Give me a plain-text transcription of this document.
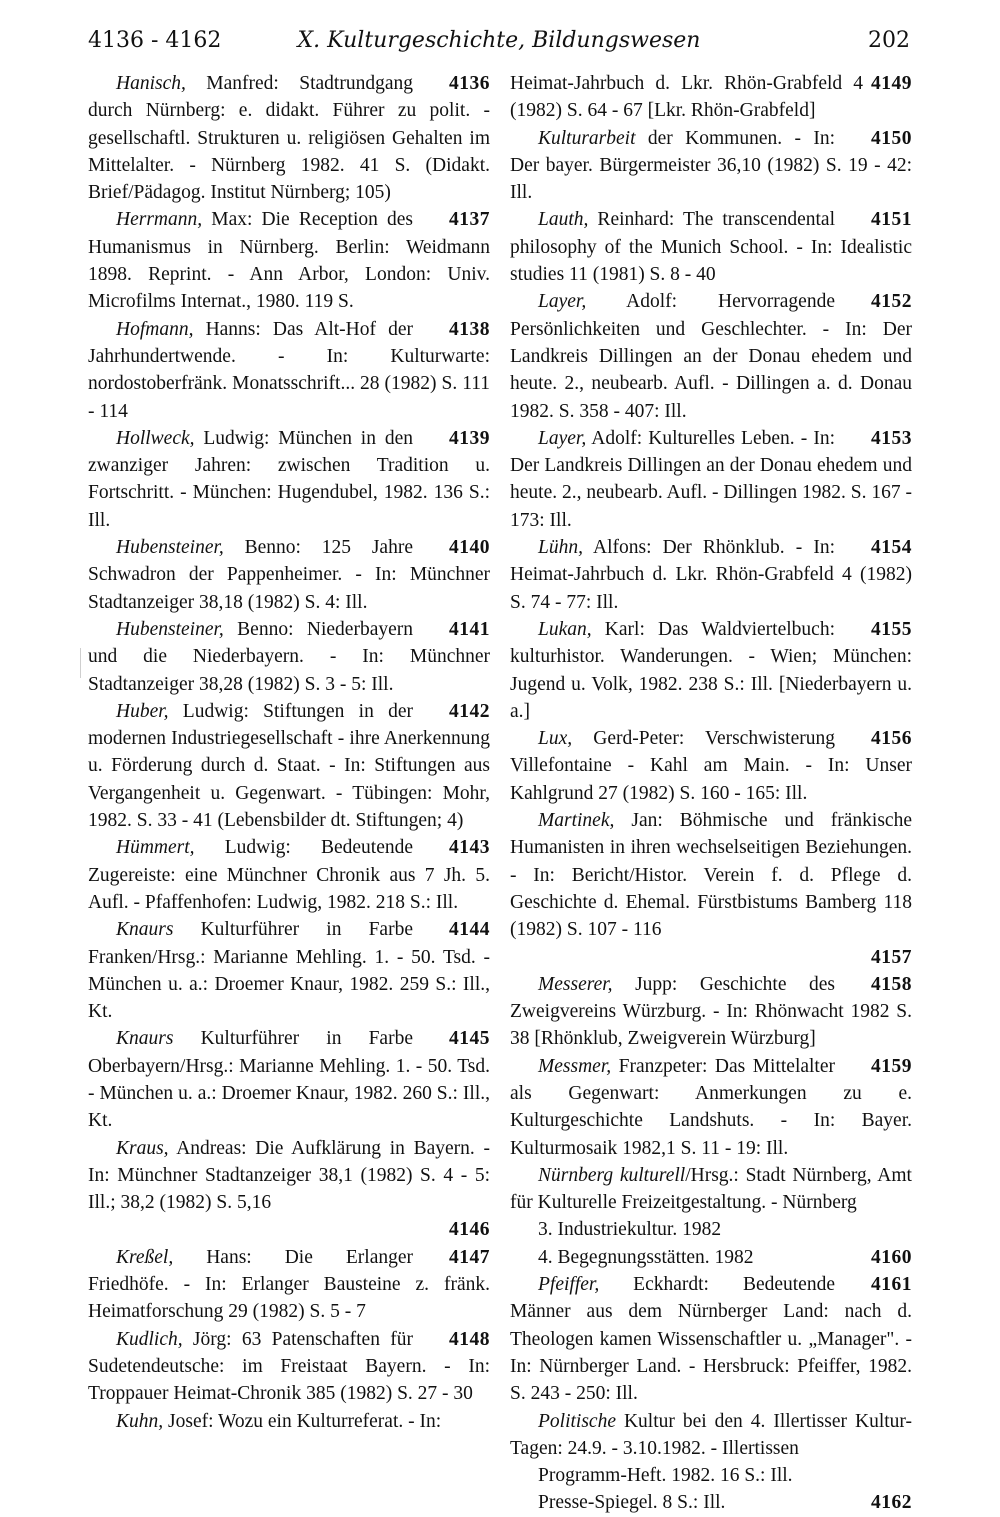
4136 - 4162	X. Kulturgeschichte, Bildungswesen	202
4136
Hanisch, Manfred: Stadtrundgang durch Nürnberg: e. didakt. Führer zu polit. - gesellschaftl. Strukturen u. religiösen Gehalten im Mittelalter. - Nürnberg 1982. 41 S. (Didakt. Brief/Pädagog. Institut Nürnberg; 105)
4137
Herrmann, Max: Die Reception des Humanismus in Nürnberg. Berlin: Weidmann 1898. Reprint. - Ann Arbor, London: Univ. Microfilms Internat., 1980. 119 S.
4138
Hofmann, Hanns: Das Alt-Hof der Jahrhundertwende. - In: Kulturwarte: nordostoberfränk. Monatsschrift... 28 (1982) S. 111 - 114
4139
Hollweck, Ludwig: München in den zwanziger Jahren: zwischen Tradition u. Fortschritt. - München: Hugendubel, 1982. 136 S.: Ill.
4140
Hubensteiner, Benno: 125 Jahre Schwadron der Pappenheimer. - In: Münchner Stadtanzeiger 38,18 (1982) S. 4: Ill.
4141
Hubensteiner, Benno: Niederbayern und die Niederbayern. - In: Münchner Stadtanzeiger 38,28 (1982) S. 3 - 5: Ill.
4142
Huber, Ludwig: Stiftungen in der modernen Industriegesellschaft - ihre Anerkennung u. Förderung durch d. Staat. - In: Stiftungen aus Vergangenheit u. Gegenwart. - Tübingen: Mohr, 1982. S. 33 - 41 (Lebensbilder dt. Stiftungen; 4)
4143
Hümmert, Ludwig: Bedeutende Zugereiste: eine Münchner Chronik aus 7 Jh. 5. Aufl. - Pfaffenhofen: Ludwig, 1982. 218 S.: Ill.
4144
Knaurs Kulturführer in Farbe Franken/Hrsg.: Marianne Mehling. 1. - 50. Tsd. - München u. a.: Droemer Knaur, 1982. 259 S.: Ill., Kt.
4145
Knaurs Kulturführer in Farbe Oberbayern/Hrsg.: Marianne Mehling. 1. - 50. Tsd. - München u. a.: Droemer Knaur, 1982. 260 S.: Ill., Kt.
Kraus, Andreas: Die Aufklärung in Bayern. - In: Münchner Stadtanzeiger 38,1 (1982) S. 4 - 5: Ill.; 38,2 (1982) S. 5,16
4146
4147
Kreßel, Hans: Die Erlanger Friedhöfe. - In: Erlanger Bausteine z. fränk. Heimatforschung 29 (1982) S. 5 - 7
4148
Kudlich, Jörg: 63 Patenschaften für Sudetendeutsche: im Freistaat Bayern. - In: Troppauer Heimat-Chronik 385 (1982) S. 27 - 30
Kuhn, Josef: Wozu ein Kulturreferat. - In:
4149
Heimat-Jahrbuch d. Lkr. Rhön-Grabfeld 4 (1982) S. 64 - 67 [Lkr. Rhön-Grabfeld]
4150
Kulturarbeit der Kommunen. - In: Der bayer. Bürgermeister 36,10 (1982) S. 19 - 42: Ill.
4151
Lauth, Reinhard: The transcendental philosophy of the Munich School. - In: Idealistic studies 11 (1981) S. 8 - 40
4152
Layer, Adolf: Hervorragende Persönlichkeiten und Geschlechter. - In: Der Landkreis Dillingen an der Donau ehedem und heute. 2., neubearb. Aufl. - Dillingen a. d. Donau 1982. S. 358 - 407: Ill.
4153
Layer, Adolf: Kulturelles Leben. - In: Der Landkreis Dillingen an der Donau ehedem und heute. 2., neubearb. Aufl. - Dillingen 1982. S. 167 - 173: Ill.
4154
Lühn, Alfons: Der Rhönklub. - In: Heimat-Jahrbuch d. Lkr. Rhön-Grabfeld 4 (1982) S. 74 - 77: Ill.
4155
Lukan, Karl: Das Waldviertelbuch: kulturhistor. Wanderungen. - Wien; München: Jugend u. Volk, 1982. 238 S.: Ill. [Niederbayern u. a.]
4156
Lux, Gerd-Peter: Verschwisterung Villefontaine - Kahl am Main. - In: Unser Kahlgrund 27 (1982) S. 160 - 165: Ill.
Martinek, Jan: Böhmische und fränkische Humanisten in ihren wechselseitigen Beziehungen. - In: Bericht/Histor. Verein f. d. Pflege d. Geschichte d. Ehemal. Fürstbistums Bamberg 118 (1982) S. 107 - 116
4157
4158
Messerer, Jupp: Geschichte des Zweigvereins Würzburg. - In: Rhönwacht 1982 S. 38 [Rhönklub, Zweigverein Würzburg]
4159
Messmer, Franzpeter: Das Mittelalter als Gegenwart: Anmerkungen zu e. Kulturgeschichte Landshuts. - In: Bayer. Kulturmosaik 1982,1 S. 11 - 19: Ill.
Nürnberg kulturell/Hrsg.: Stadt Nürnberg, Amt für Kulturelle Freizeitgestaltung. - Nürnberg
3. Industriekultur. 1982
4160
4. Begegnungsstätten. 1982
4161
Pfeiffer, Eckhardt: Bedeutende Männer aus dem Nürnberger Land: nach d. Theologen kamen Wissenschaftler u. „Manager". - In: Nürnberger Land. - Hersbruck: Pfeiffer, 1982. S. 243 - 250: Ill.
Politische Kultur bei den 4. Illertisser Kultur-Tagen: 24.9. - 3.10.1982. - Illertissen
Programm-Heft. 1982. 16 S.: Ill.
4162
Presse-Spiegel. 8 S.: Ill.
